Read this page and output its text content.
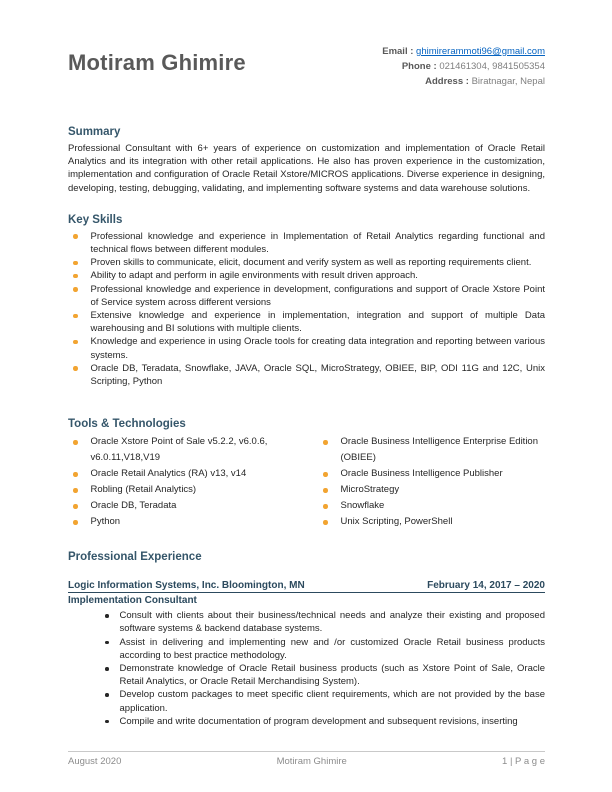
Motiram Ghimire	Email : ghimirerammoti96@gmail.com
Phone : 021461304, 9841505354
Address : Biratnagar, Nepal
Summary

Professional Consultant with 6+ years of experience on customization and implementation of Oracle Retail Analytics and its integration with other retail applications. He also has proven experience in the customization, implementation and configuration of Oracle Retail Xstore/MICROS applications. Diverse experience in designing, developing, testing, debugging, validating, and implementing software systems and data warehouse solutions.

Key Skills
Professional knowledge and experience in Implementation of Retail Analytics regarding functional and technical flows between different modules.
Proven skills to communicate, elicit, document and verify system as well as reporting requirements client.
Ability to adapt and perform in agile environments with result driven approach.
Professional knowledge and experience in development, configurations and support of Oracle Xstore Point of Service system across different versions
Extensive knowledge and experience in implementation, integration and support of multiple Data warehousing and BI solutions with multiple clients.
Knowledge and experience in using Oracle tools for creating data integration and reporting between various systems.
Oracle DB, Teradata, Snowflake, JAVA, Oracle SQL, MicroStrategy, OBIEE, BIP, ODI 11G and 12C, Unix Scripting, Python
Tools & Technologies
Oracle Xstore Point of Sale v5.2.2, v6.0.6, v6.0.11,V18,V19
Oracle Retail Analytics (RA) v13, v14
Robling (Retail Analytics)
Oracle DB, Teradata
Python
Oracle Business Intelligence Enterprise Edition (OBIEE)
Oracle Business Intelligence Publisher
MicroStrategy
Snowflake
Unix Scripting, PowerShell
Professional Experience
Logic Information Systems, Inc. Bloomington, MN	February 14, 2017 – 2020
Implementation Consultant
Consult with clients about their business/technical needs and analyze their existing and proposed software systems & backend database systems.
Assist in delivering and implementing new and /or customized Oracle Retail business products according to best practice methodology.
Demonstrate knowledge of Oracle Retail business products (such as Xstore Point of Sale, Oracle Retail Analytics, or Oracle Retail Merchandising System).
Develop custom packages to meet specific client requirements, which are not provided by the base application.
Compile and write documentation of program development and subsequent revisions, inserting
August 2020	Motiram Ghimire	1 | P a g e
